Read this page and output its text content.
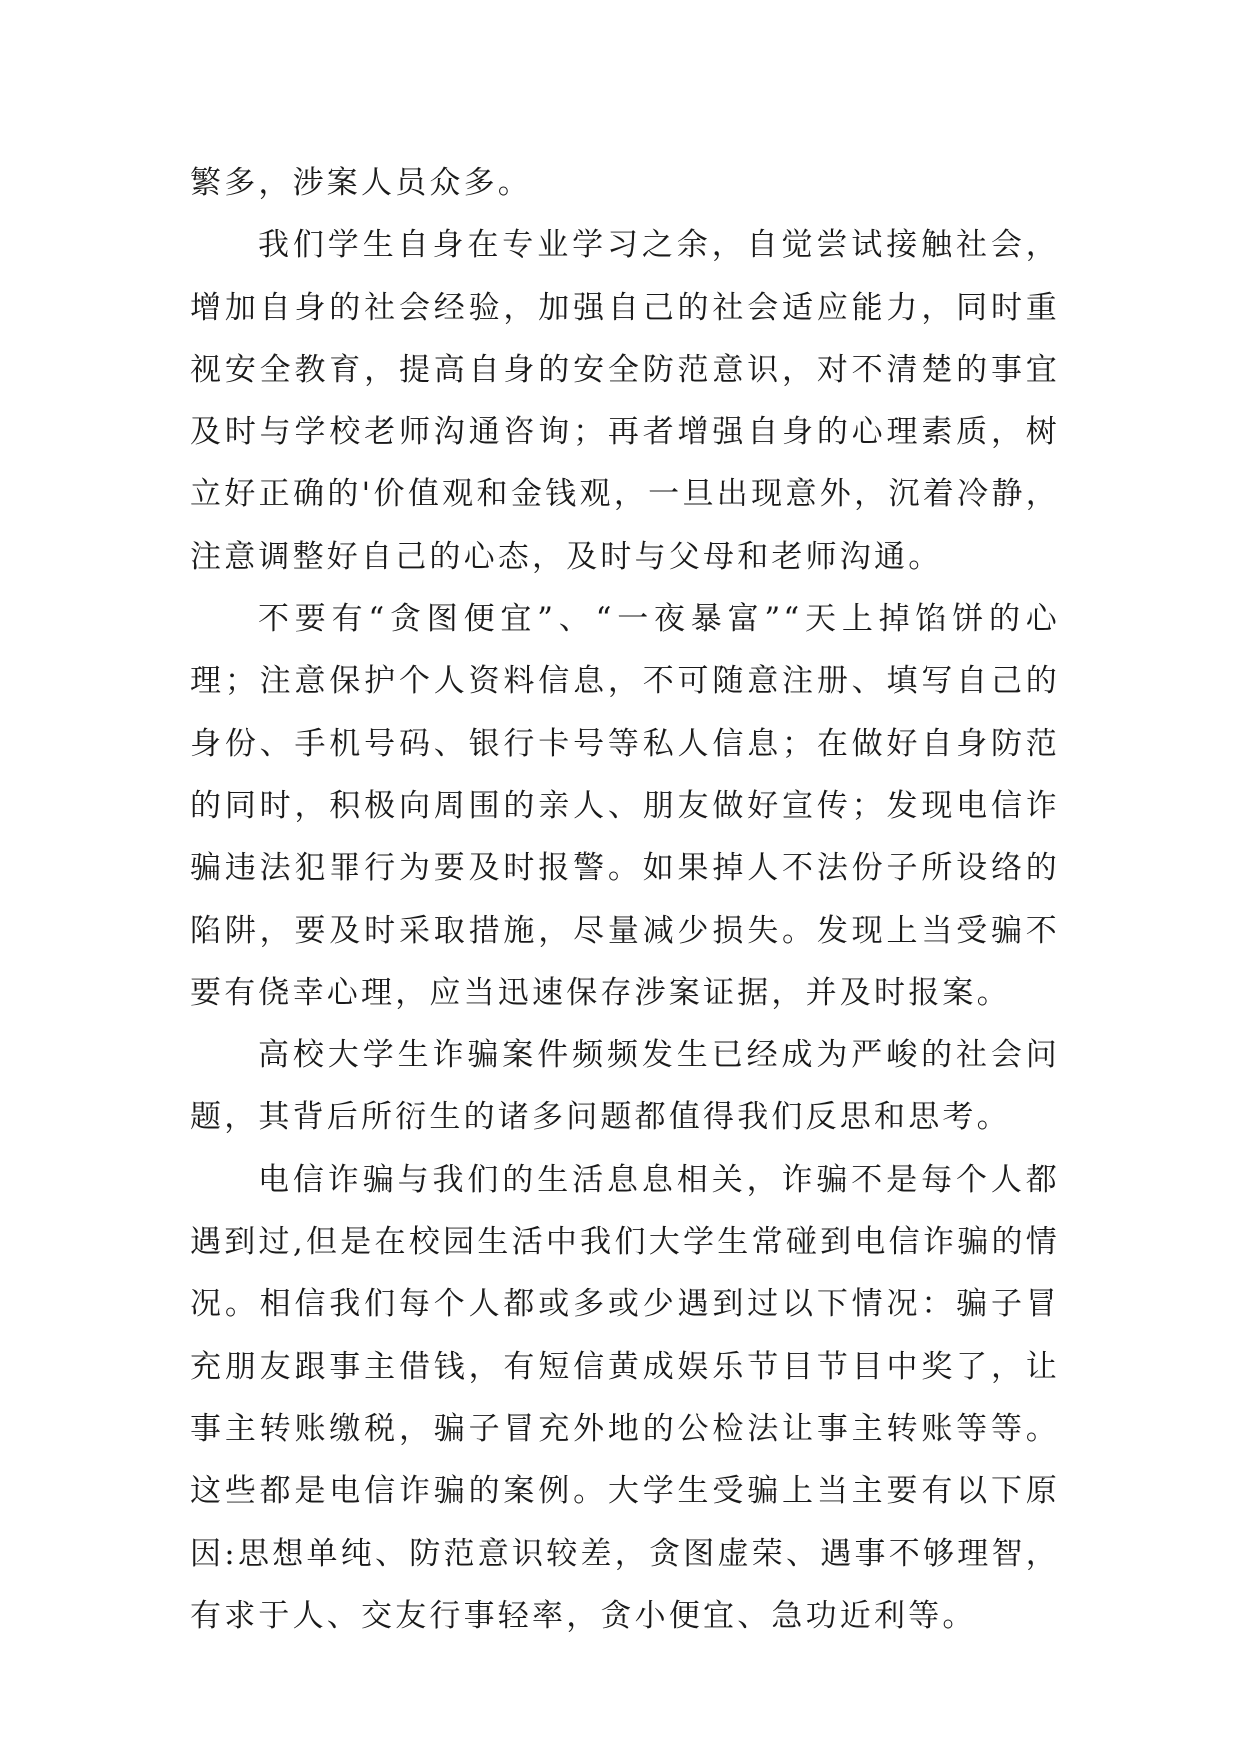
繁多，涉案人员众多。

我们学生自身在专业学习之余，自觉尝试接触社会，增加自身的社会经验，加强自己的社会适应能力，同时重视安全教育，提高自身的安全防范意识，对不清楚的事宜及时与学校老师沟通咨询；再者增强自身的心理素质，树立好正确的'价值观和金钱观，一旦出现意外，沉着冷静，注意调整好自己的心态，及时与父母和老师沟通。

不要有“贪图便宜”、“一夜暴富”“天上掉馅饼的心理；注意保护个人资料信息，不可随意注册、填写自己的身份、手机号码、银行卡号等私人信息；在做好自身防范的同时，积极向周围的亲人、朋友做好宣传；发现电信诈骗违法犯罪行为要及时报警。如果掉人不法份子所设络的陷阱，要及时采取措施，尽量减少损失。发现上当受骗不要有侥幸心理，应当迅速保存涉案证据，并及时报案。

高校大学生诈骗案件频频发生已经成为严峻的社会问题，其背后所衍生的诸多问题都值得我们反思和思考。

电信诈骗与我们的生活息息相关，诈骗不是每个人都遇到过,但是在校园生活中我们大学生常碰到电信诈骗的情况。相信我们每个人都或多或少遇到过以下情况：骗子冒充朋友跟事主借钱，有短信黄成娱乐节目节目中奖了，让事主转账缴税，骗子冒充外地的公检法让事主转账等等。这些都是电信诈骗的案例。大学生受骗上当主要有以下原因:思想单纯、防范意识较差，贪图虚荣、遇事不够理智，有求于人、交友行事轻率，贪小便宜、急功近利等。
